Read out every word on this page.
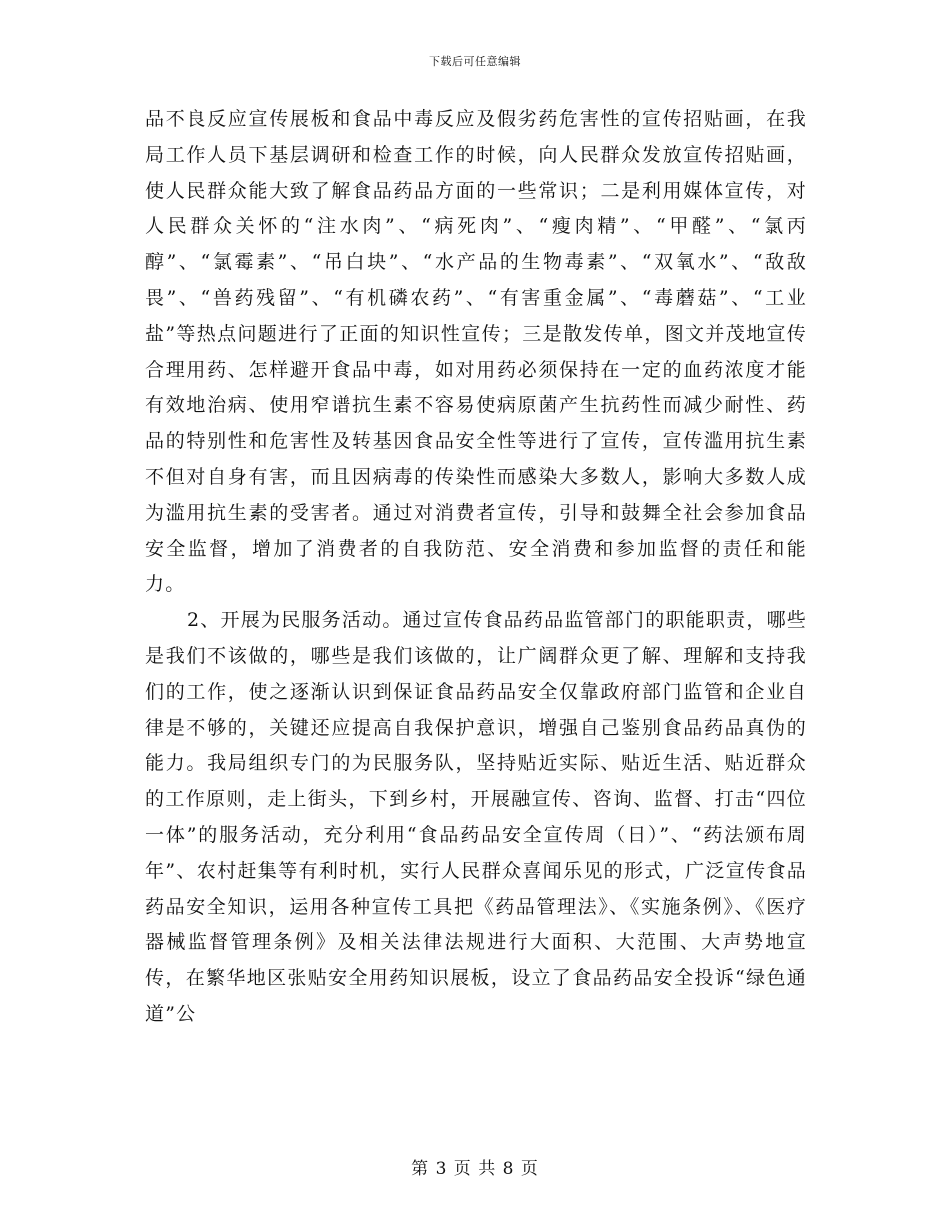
下载后可任意编辑

品不良反应宣传展板和食品中毒反应及假劣药危害性的宣传招贴画，在我局工作人员下基层调研和检查工作的时候，向人民群众发放宣传招贴画，使人民群众能大致了解食品药品方面的一些常识；二是利用媒体宣传，对人民群众关怀的“注水肉”、“病死肉”、“瘦肉精”、“甲醛”、“氯丙醇”、“氯霉素”、“吊白块”、“水产品的生物毒素”、“双氧水”、“敌敌畏”、“兽药残留”、“有机磷农药”、“有害重金属”、“毒蘑菇”、“工业盐”等热点问题进行了正面的知识性宣传；三是散发传单，图文并茂地宣传合理用药、怎样避开食品中毒，如对用药必须保持在一定的血药浓度才能有效地治病、使用窄谱抗生素不容易使病原菌产生抗药性而减少耐性、药品的特别性和危害性及转基因食品安全性等进行了宣传，宣传滥用抗生素不但对自身有害，而且因病毒的传染性而感染大多数人，影响大多数人成为滥用抗生素的受害者。通过对消费者宣传，引导和鼓舞全社会参加食品安全监督，增加了消费者的自我防范、安全消费和参加监督的责任和能力。

2、开展为民服务活动。通过宣传食品药品监管部门的职能职责，哪些是我们不该做的，哪些是我们该做的，让广阔群众更了解、理解和支持我们的工作，使之逐渐认识到保证食品药品安全仅靠政府部门监管和企业自律是不够的，关键还应提高自我保护意识，增强自己鉴别食品药品真伪的能力。我局组织专门的为民服务队，坚持贴近实际、贴近生活、贴近群众的工作原则，走上街头，下到乡村，开展融宣传、咨询、监督、打击“四位一体”的服务活动，充分利用“食品药品安全宣传周（日）”、“药法颁布周年”、农村赶集等有利时机，实行人民群众喜闻乐见的形式，广泛宣传食品药品安全知识，运用各种宣传工具把《药品管理法》、《实施条例》、《医疗器械监督管理条例》及相关法律法规进行大面积、大范围、大声势地宣传，在繁华地区张贴安全用药知识展板，设立了食品药品安全投诉“绿色通道”公

第 3 页 共 8 页
